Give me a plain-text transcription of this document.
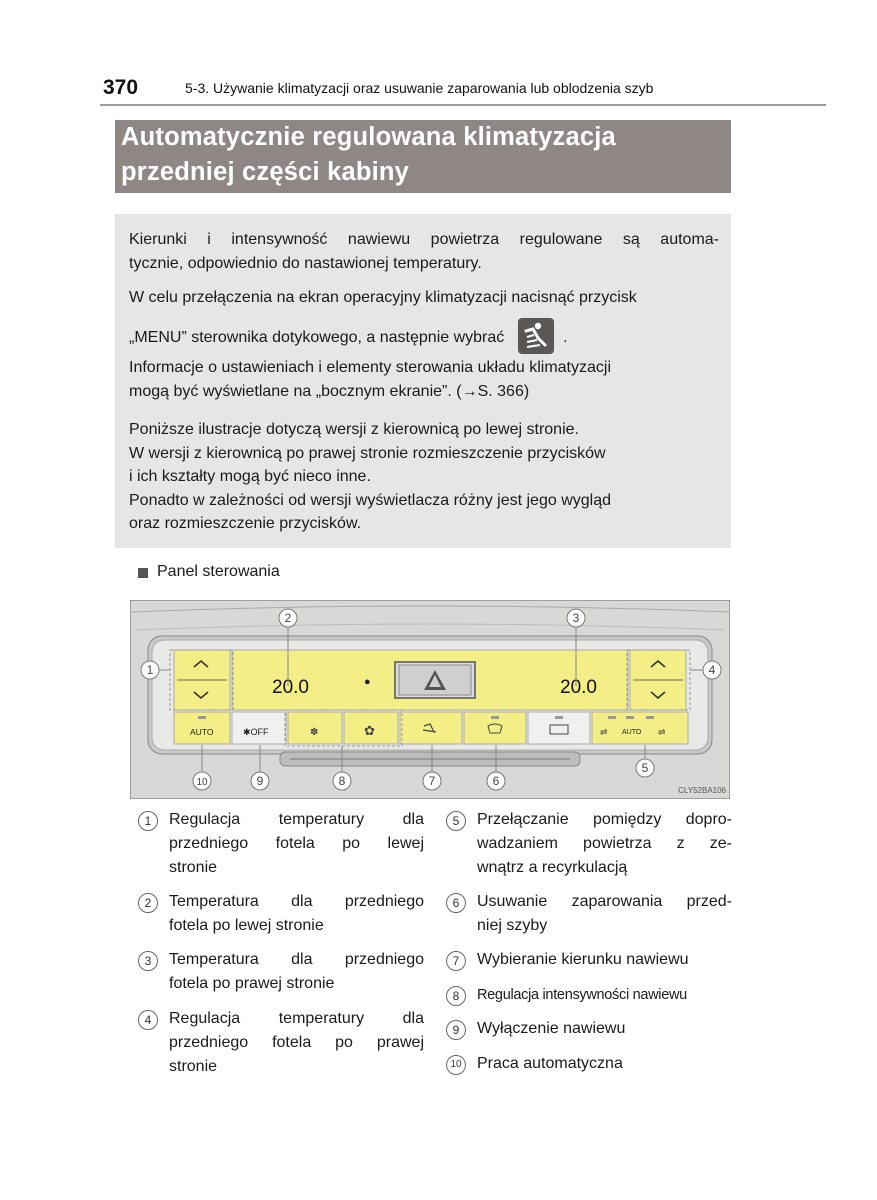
370	5-3. Używanie klimatyzacji oraz usuwanie zaparowania lub oblodzenia szyb
Automatycznie regulowana klimatyzacja
przedniej części kabiny

Kierunki i intensywność nawiewu powietrza regulowane są automa-
tycznie, odpowiednio do nastawionej temperatury.

W celu przełączenia na ekran operacyjny klimatyzacji nacisnąć przycisk

„MENU” sterownika dotykowego, a następnie wybrać	.

Informacje o ustawieniach i elementy sterowania układu klimatyzacji
mogą być wyświetlane na „bocznym ekranie”. (→S. 366)

Poniższe ilustracje dotyczą wersji z kierownicą po lewej stronie.
W wersji z kierownicą po prawej stronie rozmieszczenie przycisków
i ich kształty mogą być nieco inne.
Ponadto w zależności od wersji wyświetlacza różny jest jego wygląd
oraz rozmieszczenie przycisków.

Panel sterowania
●
20.0	20.0
AUTO	✱OFF	✽	✿	⇌ AUTO ⇌
1
2	3
4
5
6
7
8
9
10
CLY52BA106
1	Regulacja temperatury dla
przedniego fotela po lewej
stronie
2	Temperatura dla przedniego
fotela po lewej stronie
3	Temperatura dla przedniego
fotela po prawej stronie
4	Regulacja temperatury dla
przedniego fotela po prawej
stronie
5	Przełączanie pomiędzy dopro-
wadzaniem powietrza z ze-
wnątrz a recyrkulacją
6	Usuwanie zaparowania przed-
niej szyby
7	Wybieranie kierunku nawiewu
8	Regulacja intensywności nawiewu
9	Wyłączenie nawiewu
10 Praca automatyczna
